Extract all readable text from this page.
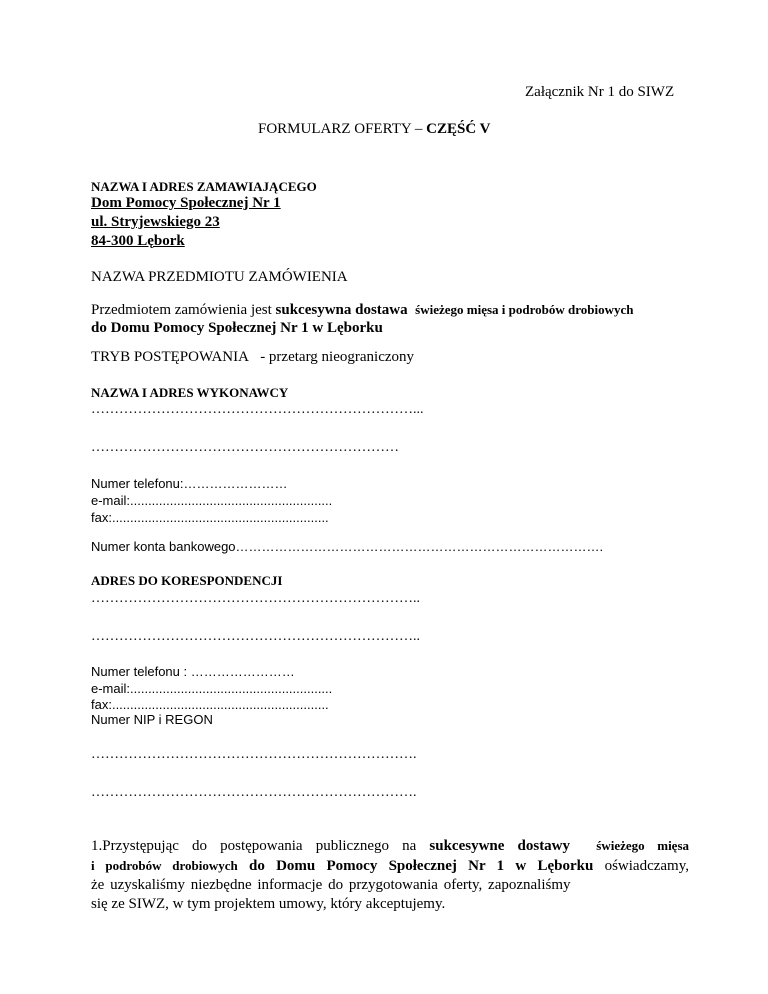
Załącznik Nr 1 do SIWZ
FORMULARZ OFERTY – CZĘŚĆ V
NAZWA I ADRES ZAMAWIAJĄCEGO
Dom Pomocy Społecznej Nr 1
ul. Stryjewskiego 23
84-300 Lębork
NAZWA PRZEDMIOTU ZAMÓWIENIA
Przedmiotem zamówienia jest sukcesywna dostawa świeżego mięsa i podrobów drobiowych
do Domu Pomocy Społecznej Nr 1 w Lęborku
TRYB POSTĘPOWANIA - przetarg nieograniczony
NAZWA I ADRES WYKONAWCY
……………………………………………………………...
…………………………………………………………
Numer telefonu:……………………
e-mail:........................................................
fax:............................................................
Numer konta bankowego………………………………………………………………………….
ADRES DO KORESPONDENCJI
……………………………………………………………..
……………………………………………………………..
Numer telefonu : ……………………
e-mail:........................................................
fax:............................................................
Numer NIP i REGON
…………………………………………………………….
…………………………………………………………….
1.Przystępując do postępowania publicznego na sukcesywne dostawy świeżego mięsa
i podrobów drobiowych do Domu Pomocy Społecznej Nr 1 w Lęborku oświadczamy,
że uzyskaliśmy niezbędne informacje do przygotowania oferty, zapoznaliśmy
się ze SIWZ, w tym projektem umowy, który akceptujemy.
